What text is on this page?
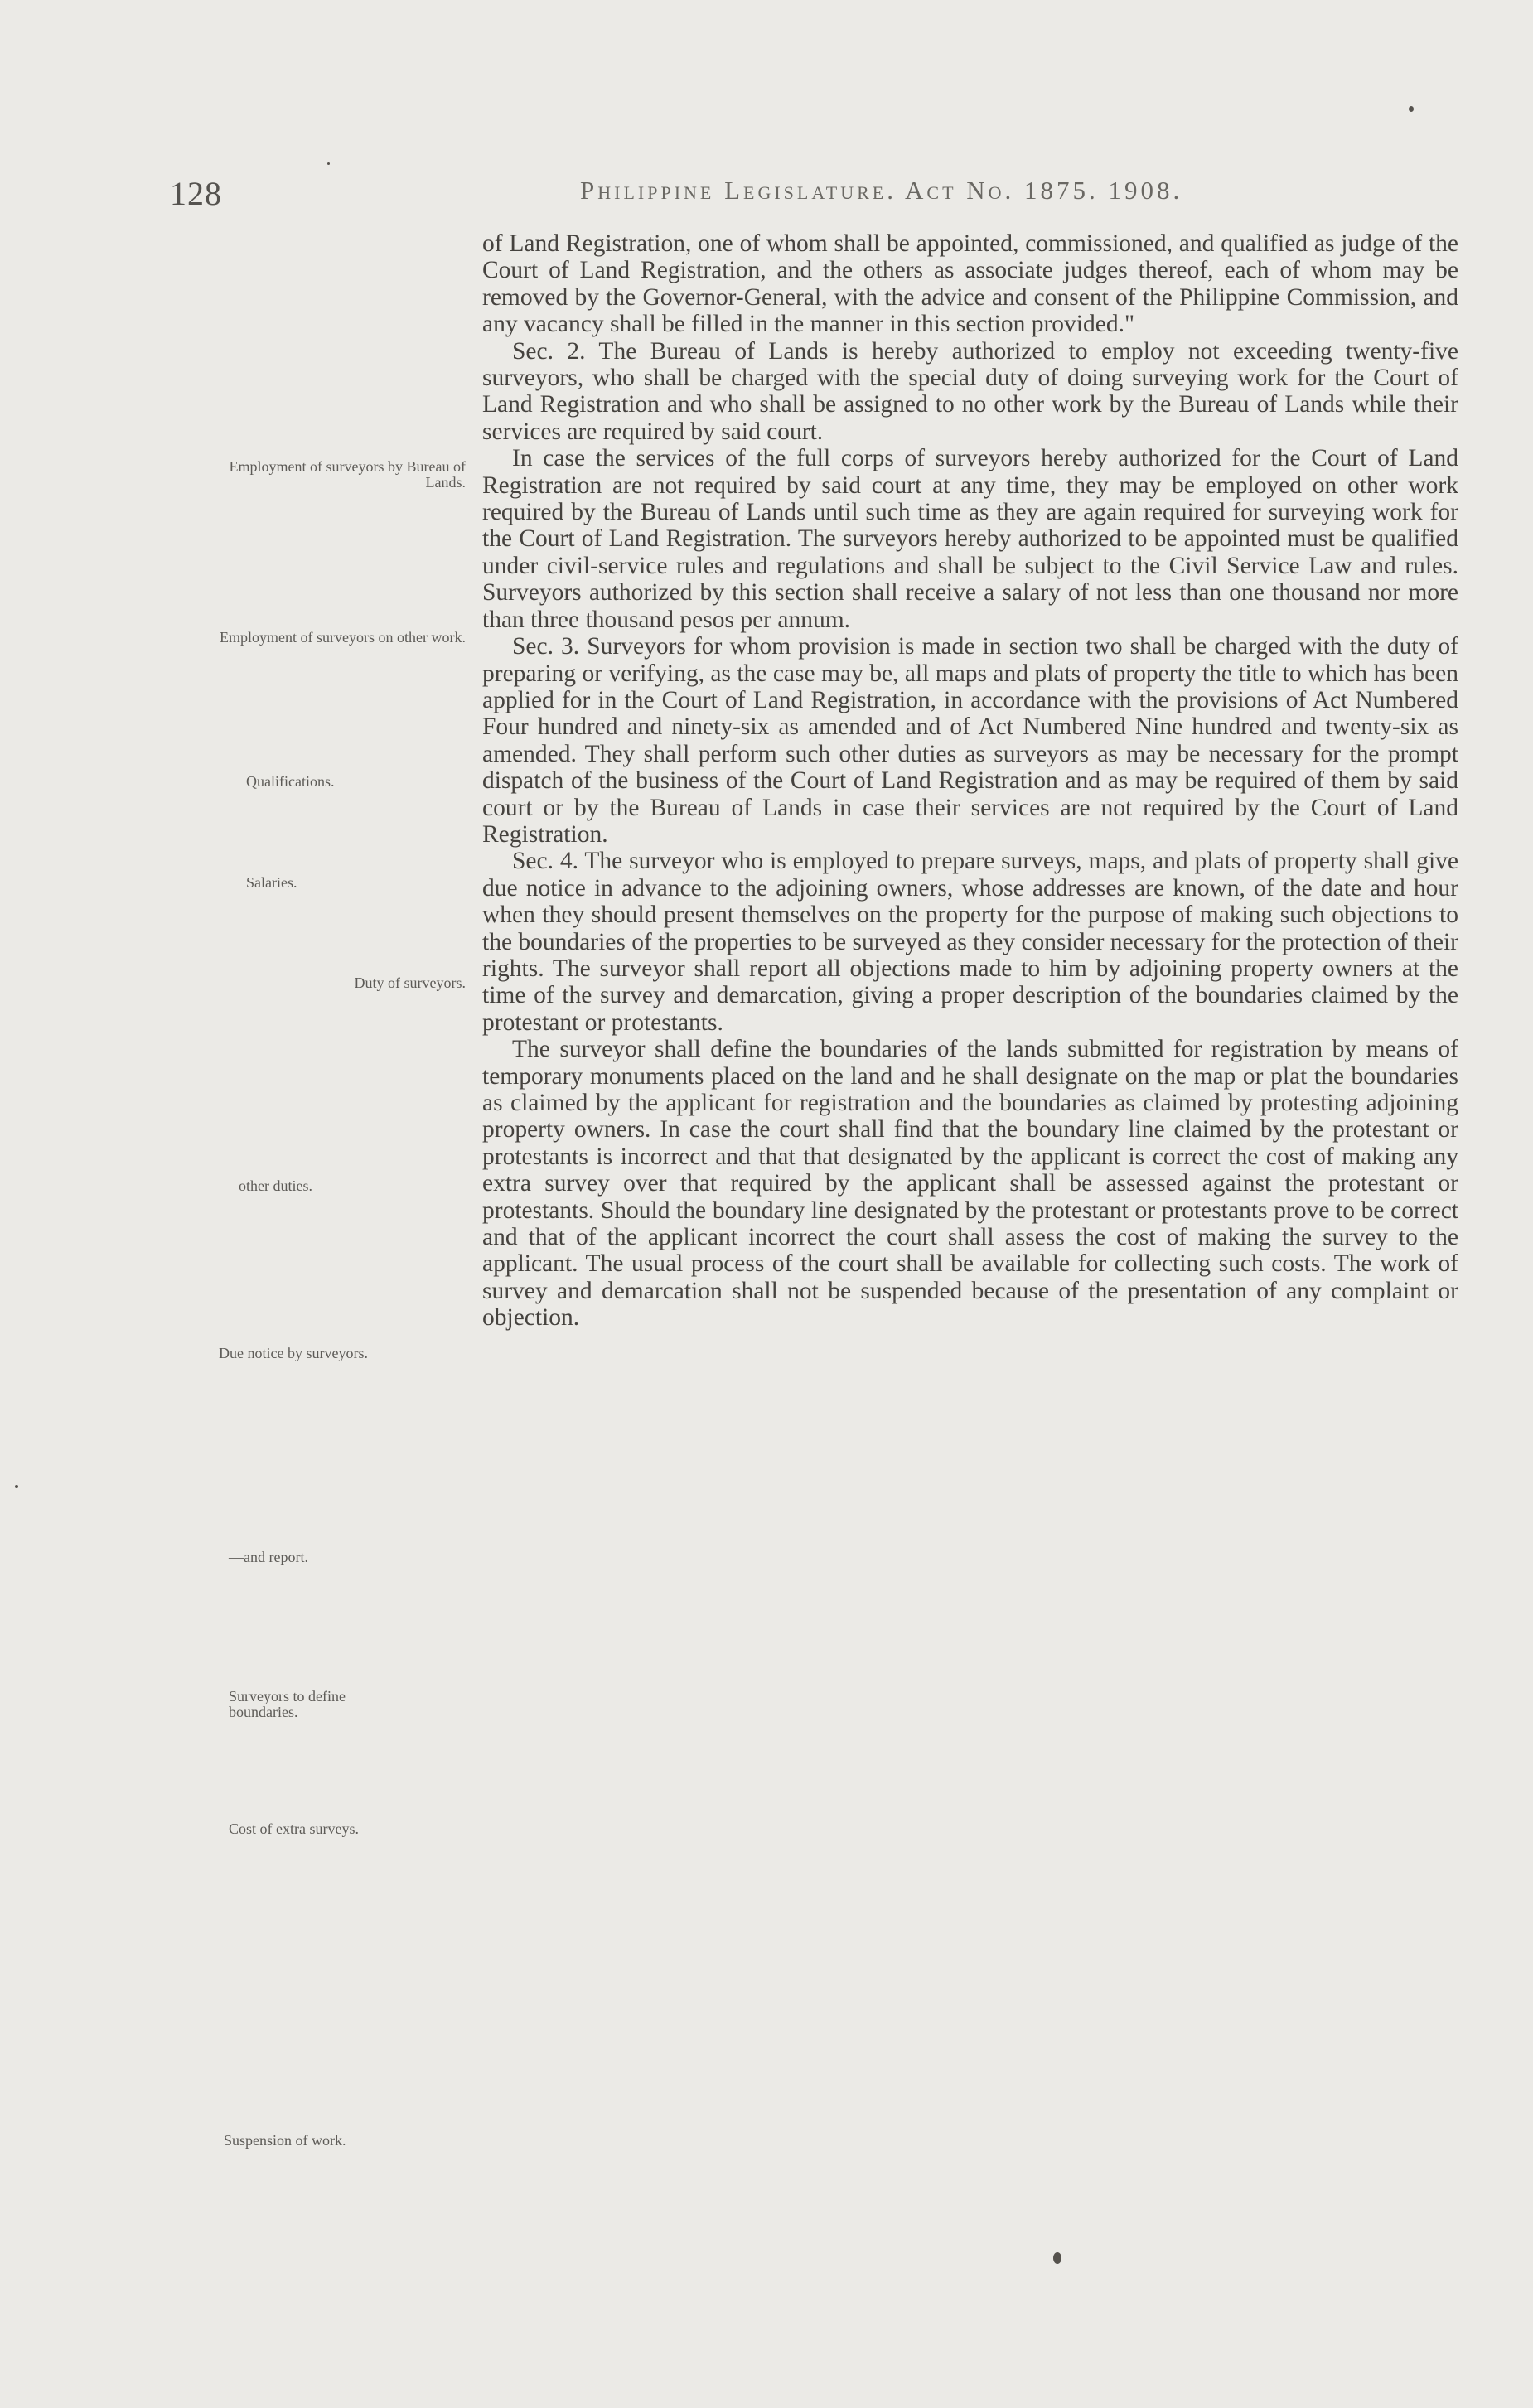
128	Philippine Legislature. Act No. 1875. 1908.
Employment of surveyors by Bureau of Lands.
Employment of surveyors on other work.
Qualifications.
Salaries.
Duty of surveyors.
—other duties.
Due notice by surveyors.
—and report.
Surveyors to define boundaries.
Cost of extra surveys.
Suspension of work.

of Land Registration, one of whom shall be appointed, commissioned, and qualified as judge of the Court of Land Registration, and the others as associate judges thereof, each of whom may be removed by the Governor-General, with the advice and consent of the Philippine Commission, and any vacancy shall be filled in the manner in this section provided."

Sec. 2. The Bureau of Lands is hereby authorized to employ not exceeding twenty-five surveyors, who shall be charged with the special duty of doing surveying work for the Court of Land Registration and who shall be assigned to no other work by the Bureau of Lands while their services are required by said court.

In case the services of the full corps of surveyors hereby authorized for the Court of Land Registration are not required by said court at any time, they may be employed on other work required by the Bureau of Lands until such time as they are again required for surveying work for the Court of Land Registration. The surveyors hereby authorized to be appointed must be qualified under civil-service rules and regulations and shall be subject to the Civil Service Law and rules. Surveyors authorized by this section shall receive a salary of not less than one thousand nor more than three thousand pesos per annum.

Sec. 3. Surveyors for whom provision is made in section two shall be charged with the duty of preparing or verifying, as the case may be, all maps and plats of property the title to which has been applied for in the Court of Land Registration, in accordance with the provisions of Act Numbered Four hundred and ninety-six as amended and of Act Numbered Nine hundred and twenty-six as amended. They shall perform such other duties as surveyors as may be necessary for the prompt dispatch of the business of the Court of Land Registration and as may be required of them by said court or by the Bureau of Lands in case their services are not required by the Court of Land Registration.

Sec. 4. The surveyor who is employed to prepare surveys, maps, and plats of property shall give due notice in advance to the adjoining owners, whose addresses are known, of the date and hour when they should present themselves on the property for the purpose of making such objections to the boundaries of the properties to be surveyed as they consider necessary for the protection of their rights. The surveyor shall report all objections made to him by adjoining property owners at the time of the survey and demarcation, giving a proper description of the boundaries claimed by the protestant or protestants.

The surveyor shall define the boundaries of the lands submitted for registration by means of temporary monuments placed on the land and he shall designate on the map or plat the boundaries as claimed by the applicant for registration and the boundaries as claimed by protesting adjoining property owners. In case the court shall find that the boundary line claimed by the protestant or protestants is incorrect and that that designated by the applicant is correct the cost of making any extra survey over that required by the applicant shall be assessed against the protestant or protestants. Should the boundary line designated by the protestant or protestants prove to be correct and that of the applicant incorrect the court shall assess the cost of making the survey to the applicant. The usual process of the court shall be available for collecting such costs. The work of survey and demarcation shall not be suspended because of the presentation of any complaint or objection.
